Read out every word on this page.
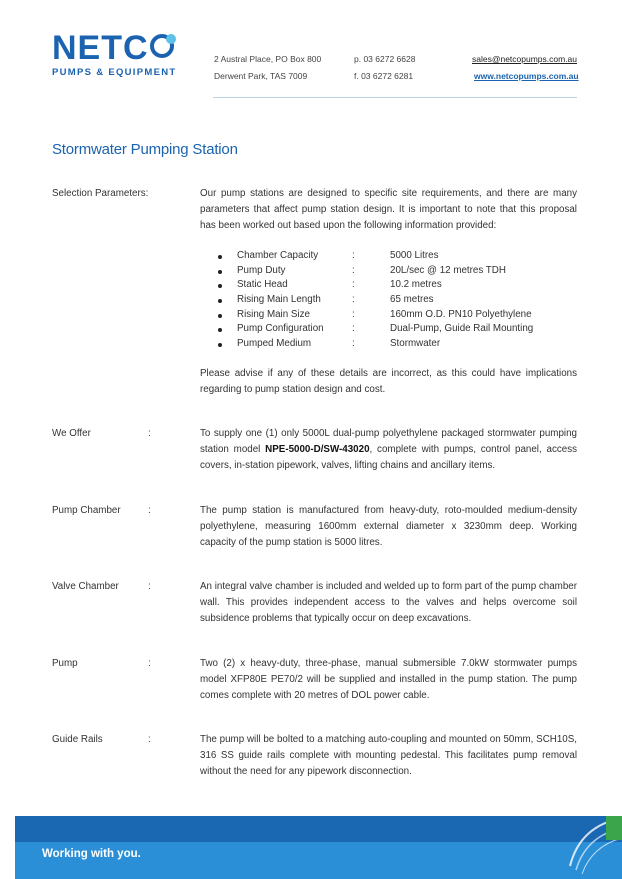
NETC
PUMPS & EQUIPMENT
2 Austral Place, PO Box 800
Derwent Park, TAS 7009
p. 03 6272 6628
f. 03 6272 6281
sales@netcopumps.com.au
www.netcopumps.com.au
Stormwater Pumping Station
Selection Parameters:	Our pump stations are designed to specific site requirements, and there are many parameters that affect pump station design. It is important to note that this proposal has been worked out based upon the following information provided:
Chamber Capacity	:	5000 Litres
Pump Duty	:	20L/sec @ 12 metres TDH
Static Head	:	10.2 metres
Rising Main Length	:	65 metres
Rising Main Size	:	160mm O.D. PN10 Polyethylene
Pump Configuration	:	Dual-Pump, Guide Rail Mounting
Pumped Medium	:	Stormwater
Please advise if any of these details are incorrect, as this could have implications regarding to pump station design and cost.
We Offer	:	To supply one (1) only 5000L dual-pump polyethylene packaged stormwater pumping station model NPE-5000-D/SW-43020, complete with pumps, control panel, access covers, in-station pipework, valves, lifting chains and ancillary items.
Pump Chamber	:	The pump station is manufactured from heavy-duty, roto-moulded medium-density polyethylene, measuring 1600mm external diameter x 3230mm deep. Working capacity of the pump station is 5000 litres.
Valve Chamber	:	An integral valve chamber is included and welded up to form part of the pump chamber wall. This provides independent access to the valves and helps overcome soil subsidence problems that typically occur on deep excavations.
Pump	:	Two (2) x heavy-duty, three-phase, manual submersible 7.0kW stormwater pumps model XFP80E PE70/2 will be supplied and installed in the pump station. The pump comes complete with 20 metres of DOL power cable.
Guide Rails	:	The pump will be bolted to a matching auto-coupling and mounted on 50mm, SCH10S, 316 SS guide rails complete with mounting pedestal. This facilitates pump removal without the need for any pipework disconnection.
Working with you.
